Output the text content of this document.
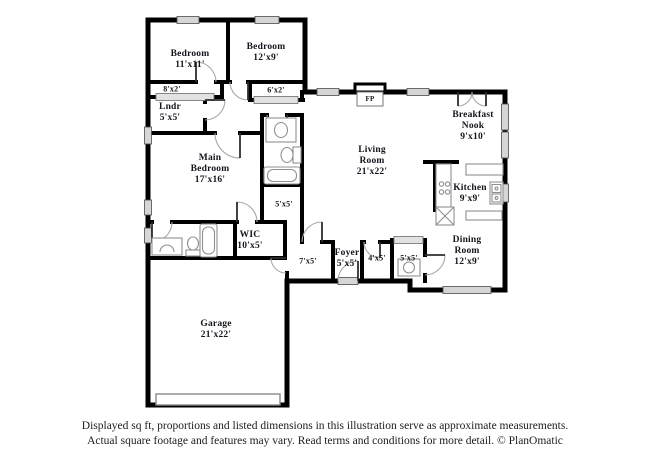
Bedroom
11'x11'
Bedroom
12'x9'
8'x2'	6'x2'
Lndr
5'x5'
Main
Bedroom
17'x16'
Living
Room
21'x22'
Breakfast
Nook
9'x10'
Kitchen
9'x9'
5'x5'
WIC
10'x5'
7'x5'
Foyer
5'x5'
4'x5' 5'x5'
Dining
Room
12'x9'
Garage
21'x22'
FP
Displayed sq ft, proportions and listed dimensions in this illustration serve as approximate measurements.
Actual square footage and features may vary. Read terms and conditions for more detail. © PlanOmatic
